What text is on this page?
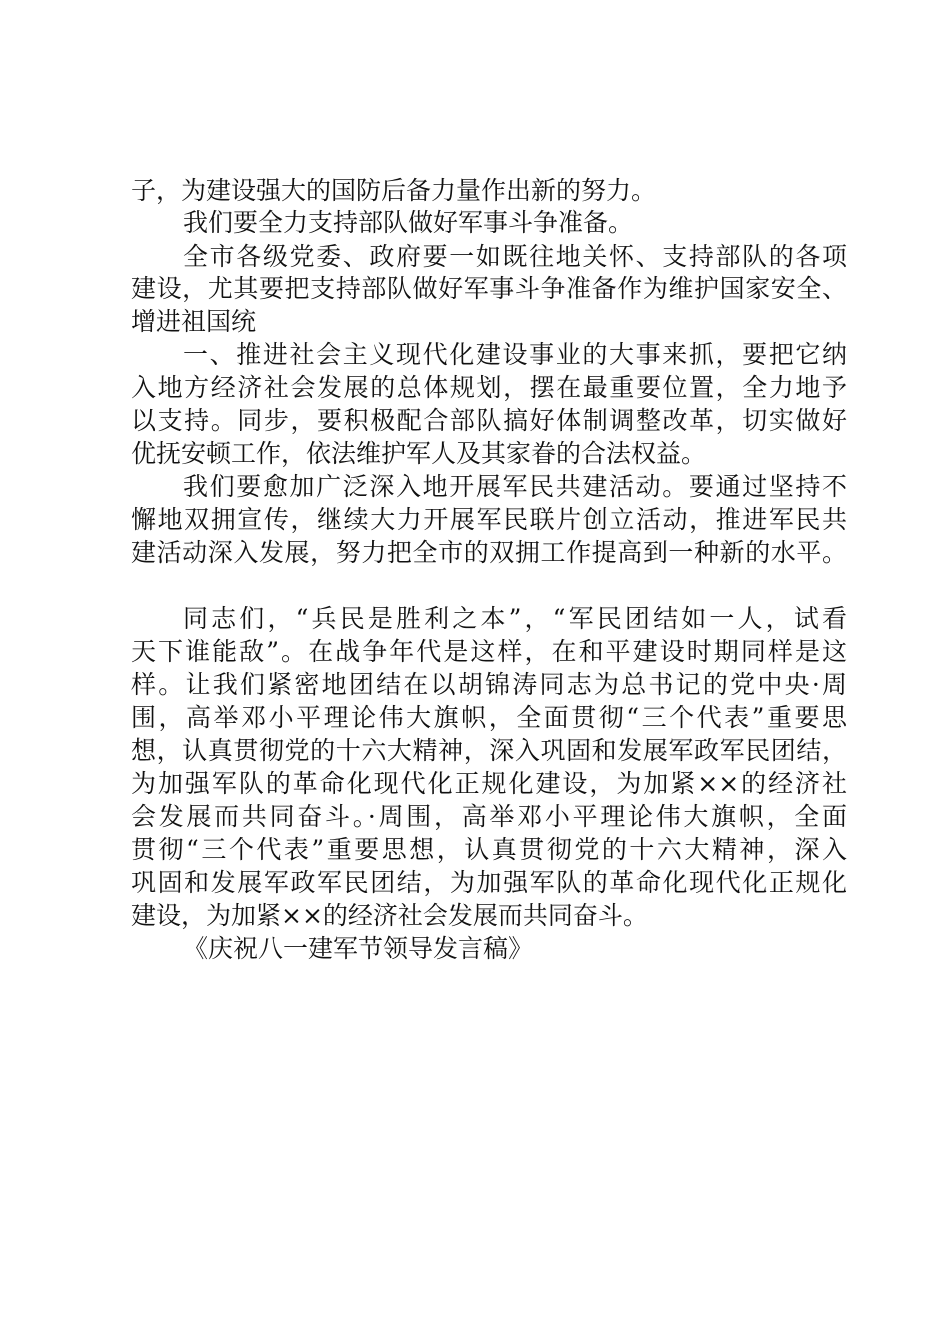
子，为建设强大的国防后备力量作出新的努力。
我们要全力支持部队做好军事斗争准备。
全市各级党委、政府要一如既往地关怀、支持部队的各项
建设，尤其要把支持部队做好军事斗争准备作为维护国家安全、
增进祖国统
一、推进社会主义现代化建设事业的大事来抓，要把它纳
入地方经济社会发展的总体规划，摆在最重要位置，全力地予
以支持。同步，要积极配合部队搞好体制调整改革，切实做好
优抚安顿工作，依法维护军人及其家眷的合法权益。
我们要愈加广泛深入地开展军民共建活动。要通过坚持不
懈地双拥宣传，继续大力开展军民联片创立活动，推进军民共
建活动深入发展，努力把全市的双拥工作提高到一种新的水平。
同志们，“兵民是胜利之本”，“军民团结如一人，试看
天下谁能敌”。在战争年代是这样，在和平建设时期同样是这
样。让我们紧密地团结在以胡锦涛同志为总书记的党中央·周
围，高举邓小平理论伟大旗帜，全面贯彻“三个代表”重要思
想，认真贯彻党的十六大精神，深入巩固和发展军政军民团结，
为加强军队的革命化现代化正规化建设，为加紧××的经济社
会发展而共同奋斗。·周围，高举邓小平理论伟大旗帜，全面
贯彻“三个代表”重要思想，认真贯彻党的十六大精神，深入
巩固和发展军政军民团结，为加强军队的革命化现代化正规化
建设，为加紧××的经济社会发展而共同奋斗。
《庆祝八一建军节领导发言稿》
